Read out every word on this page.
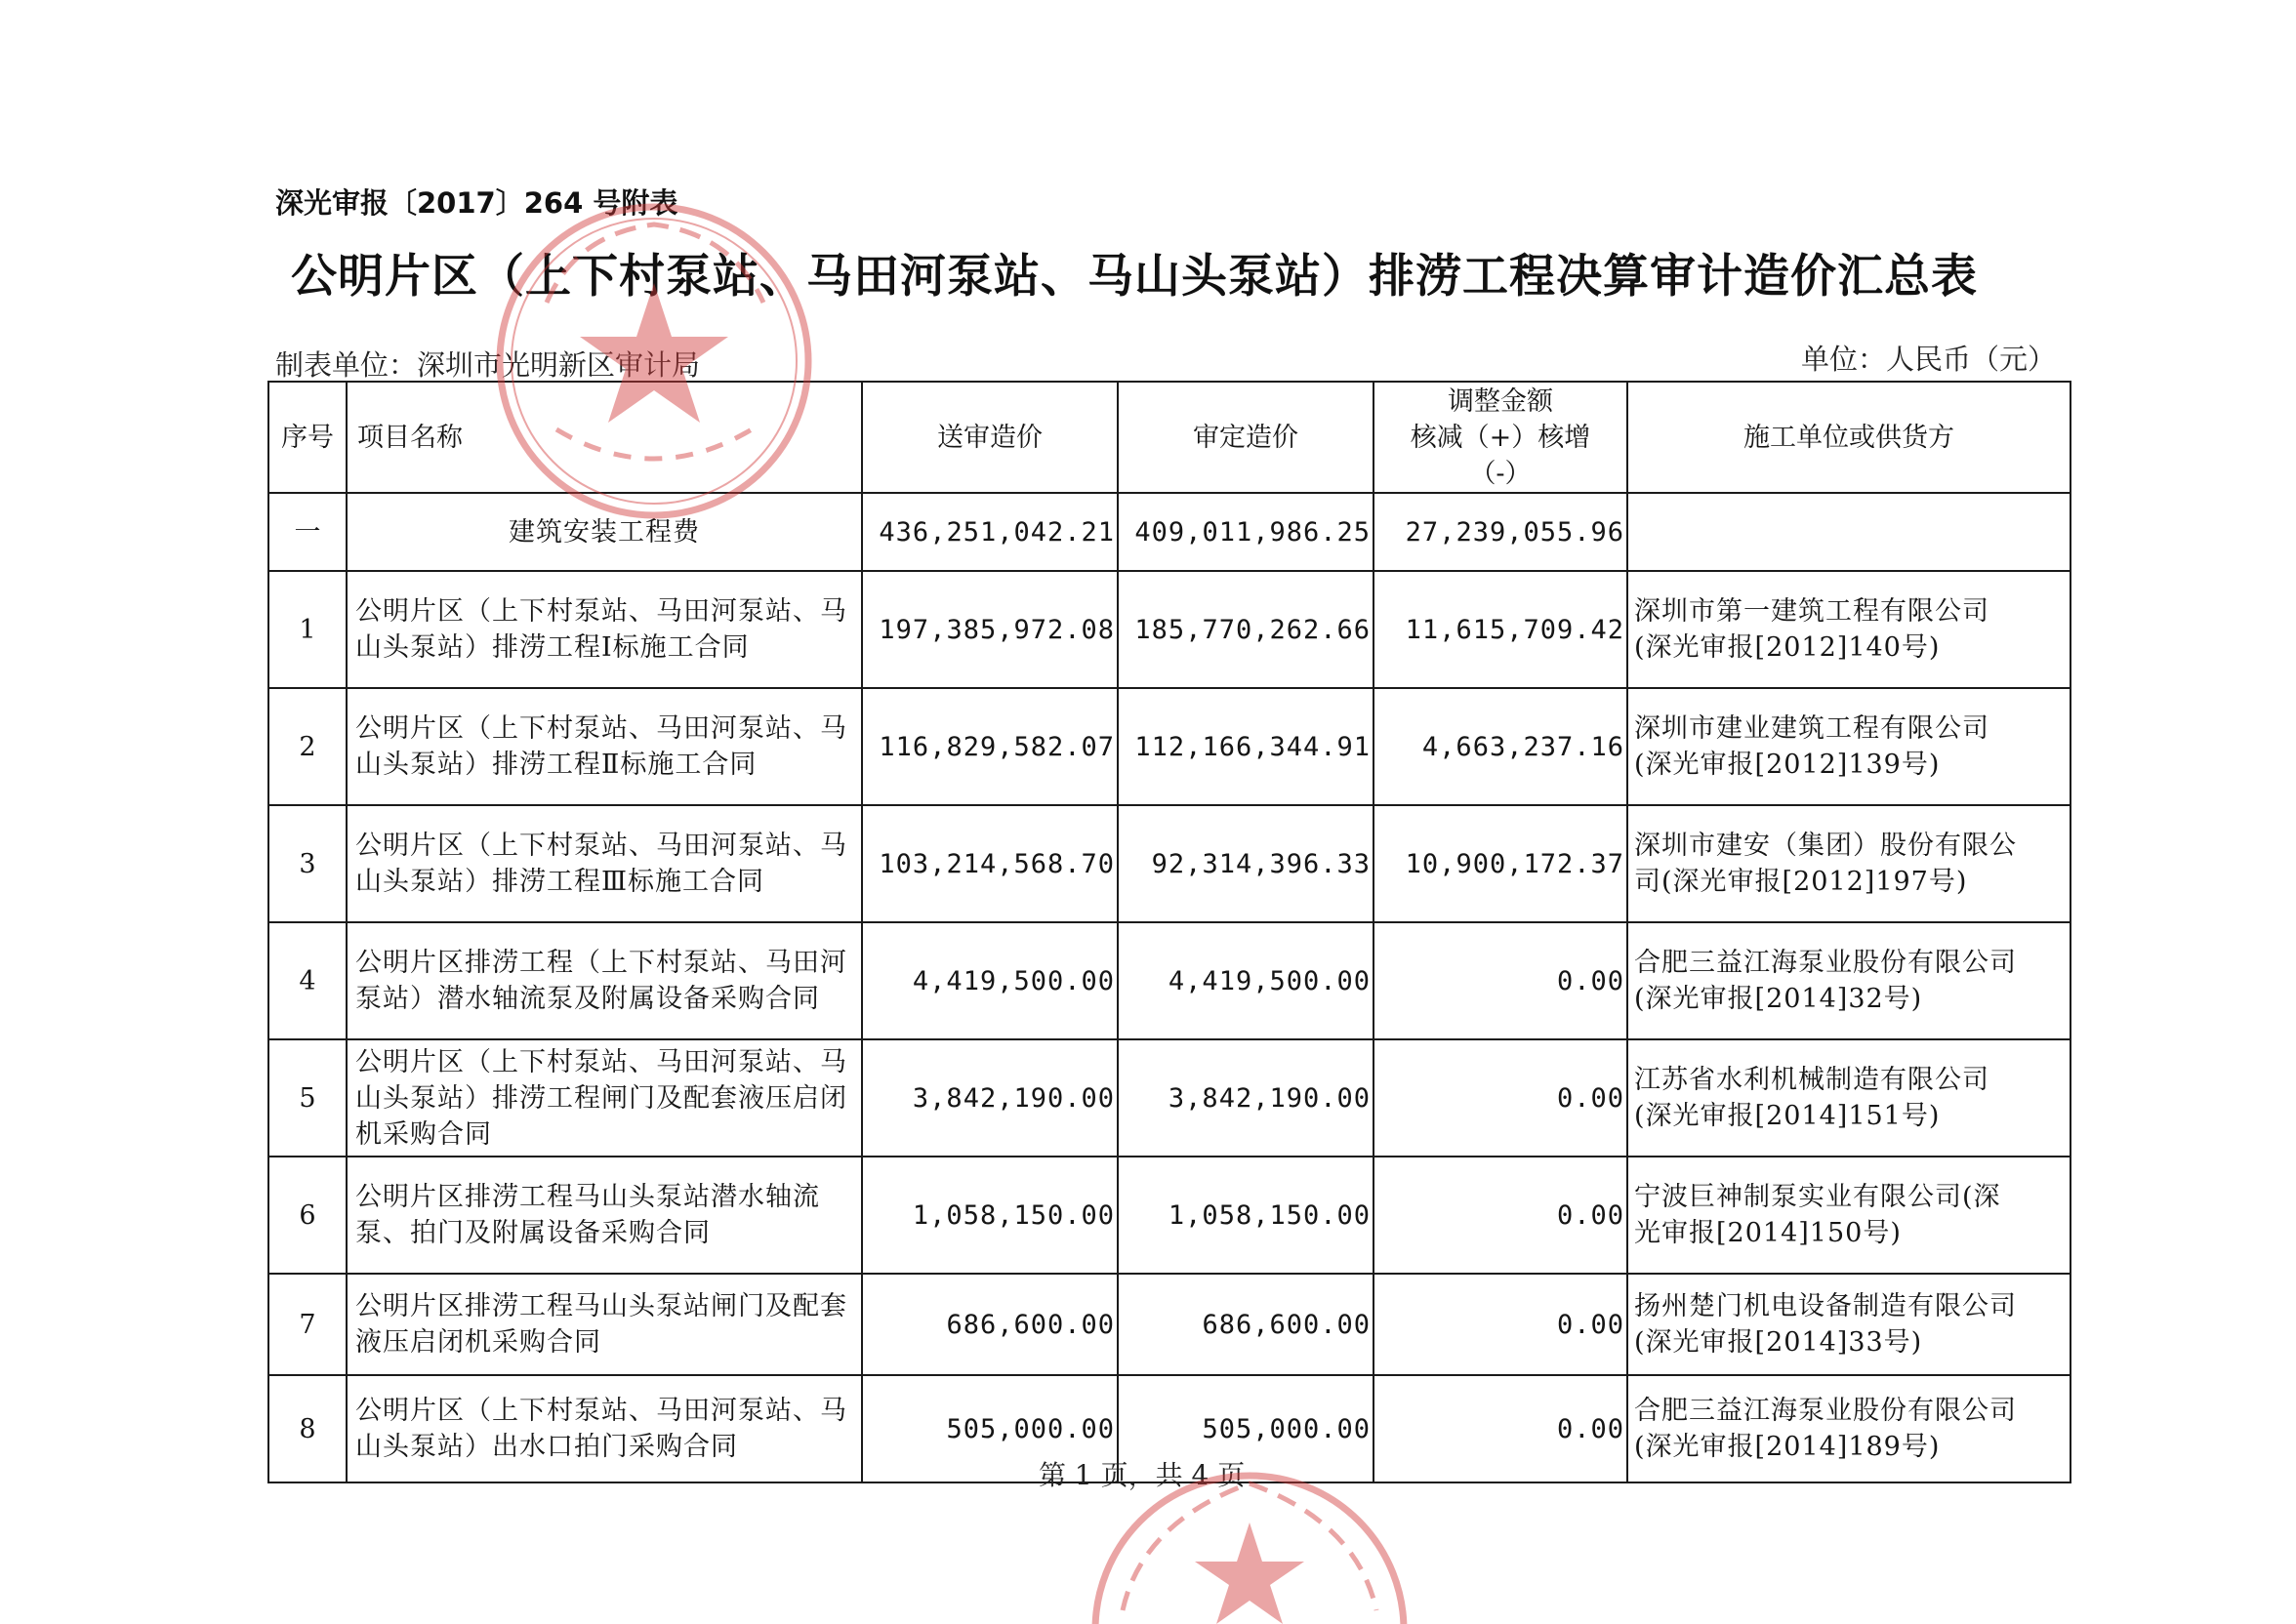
深光审报〔2017〕264 号附表
公明片区（上下村泵站、马田河泵站、马山头泵站）排涝工程决算审计造价汇总表
制表单位：深圳市光明新区审计局	单位：人民币（元）
序号	项目名称	送审造价	审定造价	调整金额
核减（+）核增
（-）	施工单位或供货方
一	建筑安装工程费	436,251,042.21	409,011,986.25	27,239,055.96	

1	公明片区（上下村泵站、马田河泵站、马山头泵站）排涝工程Ⅰ标施工合同	197,385,972.08	185,770,262.66	11,615,709.42	深圳市第一建筑工程有限公司
(深光审报[2012]140号)

2	公明片区（上下村泵站、马田河泵站、马山头泵站）排涝工程Ⅱ标施工合同	116,829,582.07	112,166,344.91	4,663,237.16	深圳市建业建筑工程有限公司
(深光审报[2012]139号)

3	公明片区（上下村泵站、马田河泵站、马山头泵站）排涝工程Ⅲ标施工合同	103,214,568.70	92,314,396.33	10,900,172.37	深圳市建安（集团）股份有限公
司(深光审报[2012]197号)

4	公明片区排涝工程（上下村泵站、马田河泵站）潜水轴流泵及附属设备采购合同	4,419,500.00	4,419,500.00	0.00	合肥三益江海泵业股份有限公司
(深光审报[2014]32号)

5	公明片区（上下村泵站、马田河泵站、马山头泵站）排涝工程闸门及配套液压启闭机采购合同	3,842,190.00	3,842,190.00	0.00	江苏省水利机械制造有限公司
(深光审报[2014]151号)

6	公明片区排涝工程马山头泵站潜水轴流泵、拍门及附属设备采购合同	1,058,150.00	1,058,150.00	0.00	宁波巨神制泵实业有限公司(深
光审报[2014]150号)

7	公明片区排涝工程马山头泵站闸门及配套液压启闭机采购合同	686,600.00	686,600.00	0.00	扬州楚门机电设备制造有限公司
(深光审报[2014]33号)

8	公明片区（上下村泵站、马田河泵站、马山头泵站）出水口拍门采购合同	505,000.00	505,000.00	0.00	合肥三益江海泵业股份有限公司
(深光审报[2014]189号)
第 1 页，共 4 页
